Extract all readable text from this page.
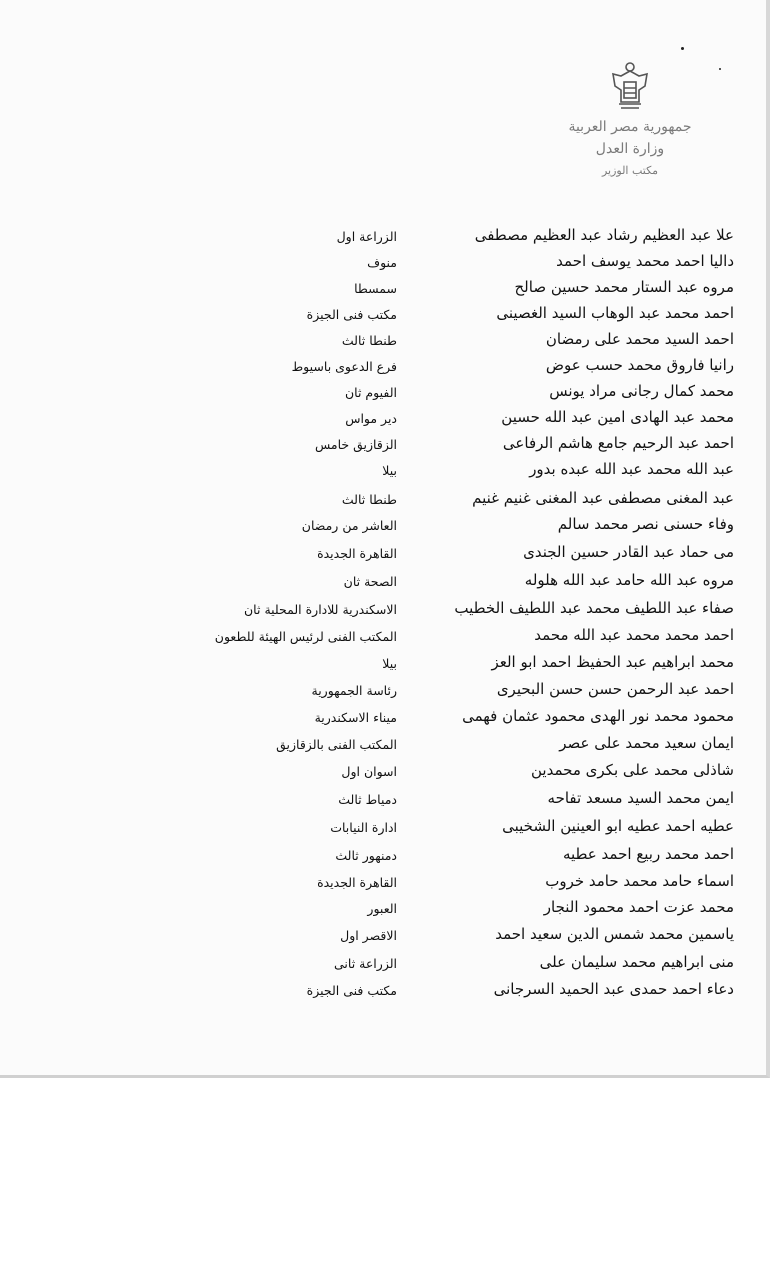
جمهورية مصر العربية
وزارة العدل
مكتب الوزير
علا عبد العظيم رشاد عبد العظيم مصطفى
الزراعة اول
داليا احمد محمد يوسف احمد
منوف
مروه عبد الستار محمد حسين صالح
سمسطا
احمد محمد عبد الوهاب السيد الغصينى
مكتب فنى الجيزة
احمد السيد محمد على رمضان
طنطا ثالث
رانيا فاروق محمد حسب عوض
فرع الدعوى باسيوط
محمد كمال رجانى مراد يونس
الفيوم ثان
محمد عبد الهادى امين عبد الله حسين
دير مواس
احمد عبد الرحيم جامع هاشم الرفاعى
الزقازيق خامس
عبد الله محمد عبد الله عبده بدور
بيلا
عبد المغنى مصطفى عبد المغنى غنيم غنيم
طنطا ثالث
وفاء حسنى نصر محمد سالم
العاشر من رمضان
مى حماد عبد القادر حسين الجندى
القاهرة الجديدة
مروه عبد الله حامد عبد الله هلوله
الصحة ثان
صفاء عبد اللطيف محمد عبد اللطيف الخطيب
الاسكندرية للادارة المحلية ثان
احمد محمد محمد عبد الله محمد
المكتب الفنى لرئيس الهيئة للطعون
محمد ابراهيم عبد الحفيظ احمد ابو العز
بيلا
احمد عبد الرحمن حسن حسن البحيرى
رئاسة الجمهورية
محمود محمد نور الهدى محمود عثمان فهمى
ميناء الاسكندرية
ايمان سعيد محمد على عصر
المكتب الفنى بالزقازيق
شاذلى محمد على بكرى محمدين
اسوان اول
ايمن محمد السيد مسعد تفاحه
دمياط ثالث
عطيه احمد عطيه ابو العينين الشخيبى
ادارة النيابات
احمد محمد ربيع احمد عطيه
دمنهور ثالث
اسماء حامد محمد حامد خروب
القاهرة الجديدة
محمد عزت احمد محمود النجار
العبور
ياسمين محمد شمس الدين سعيد احمد
الاقصر اول
منى ابراهيم محمد سليمان على
الزراعة ثانى
دعاء احمد حمدى عبد الحميد السرجانى
مكتب فنى الجيزة
